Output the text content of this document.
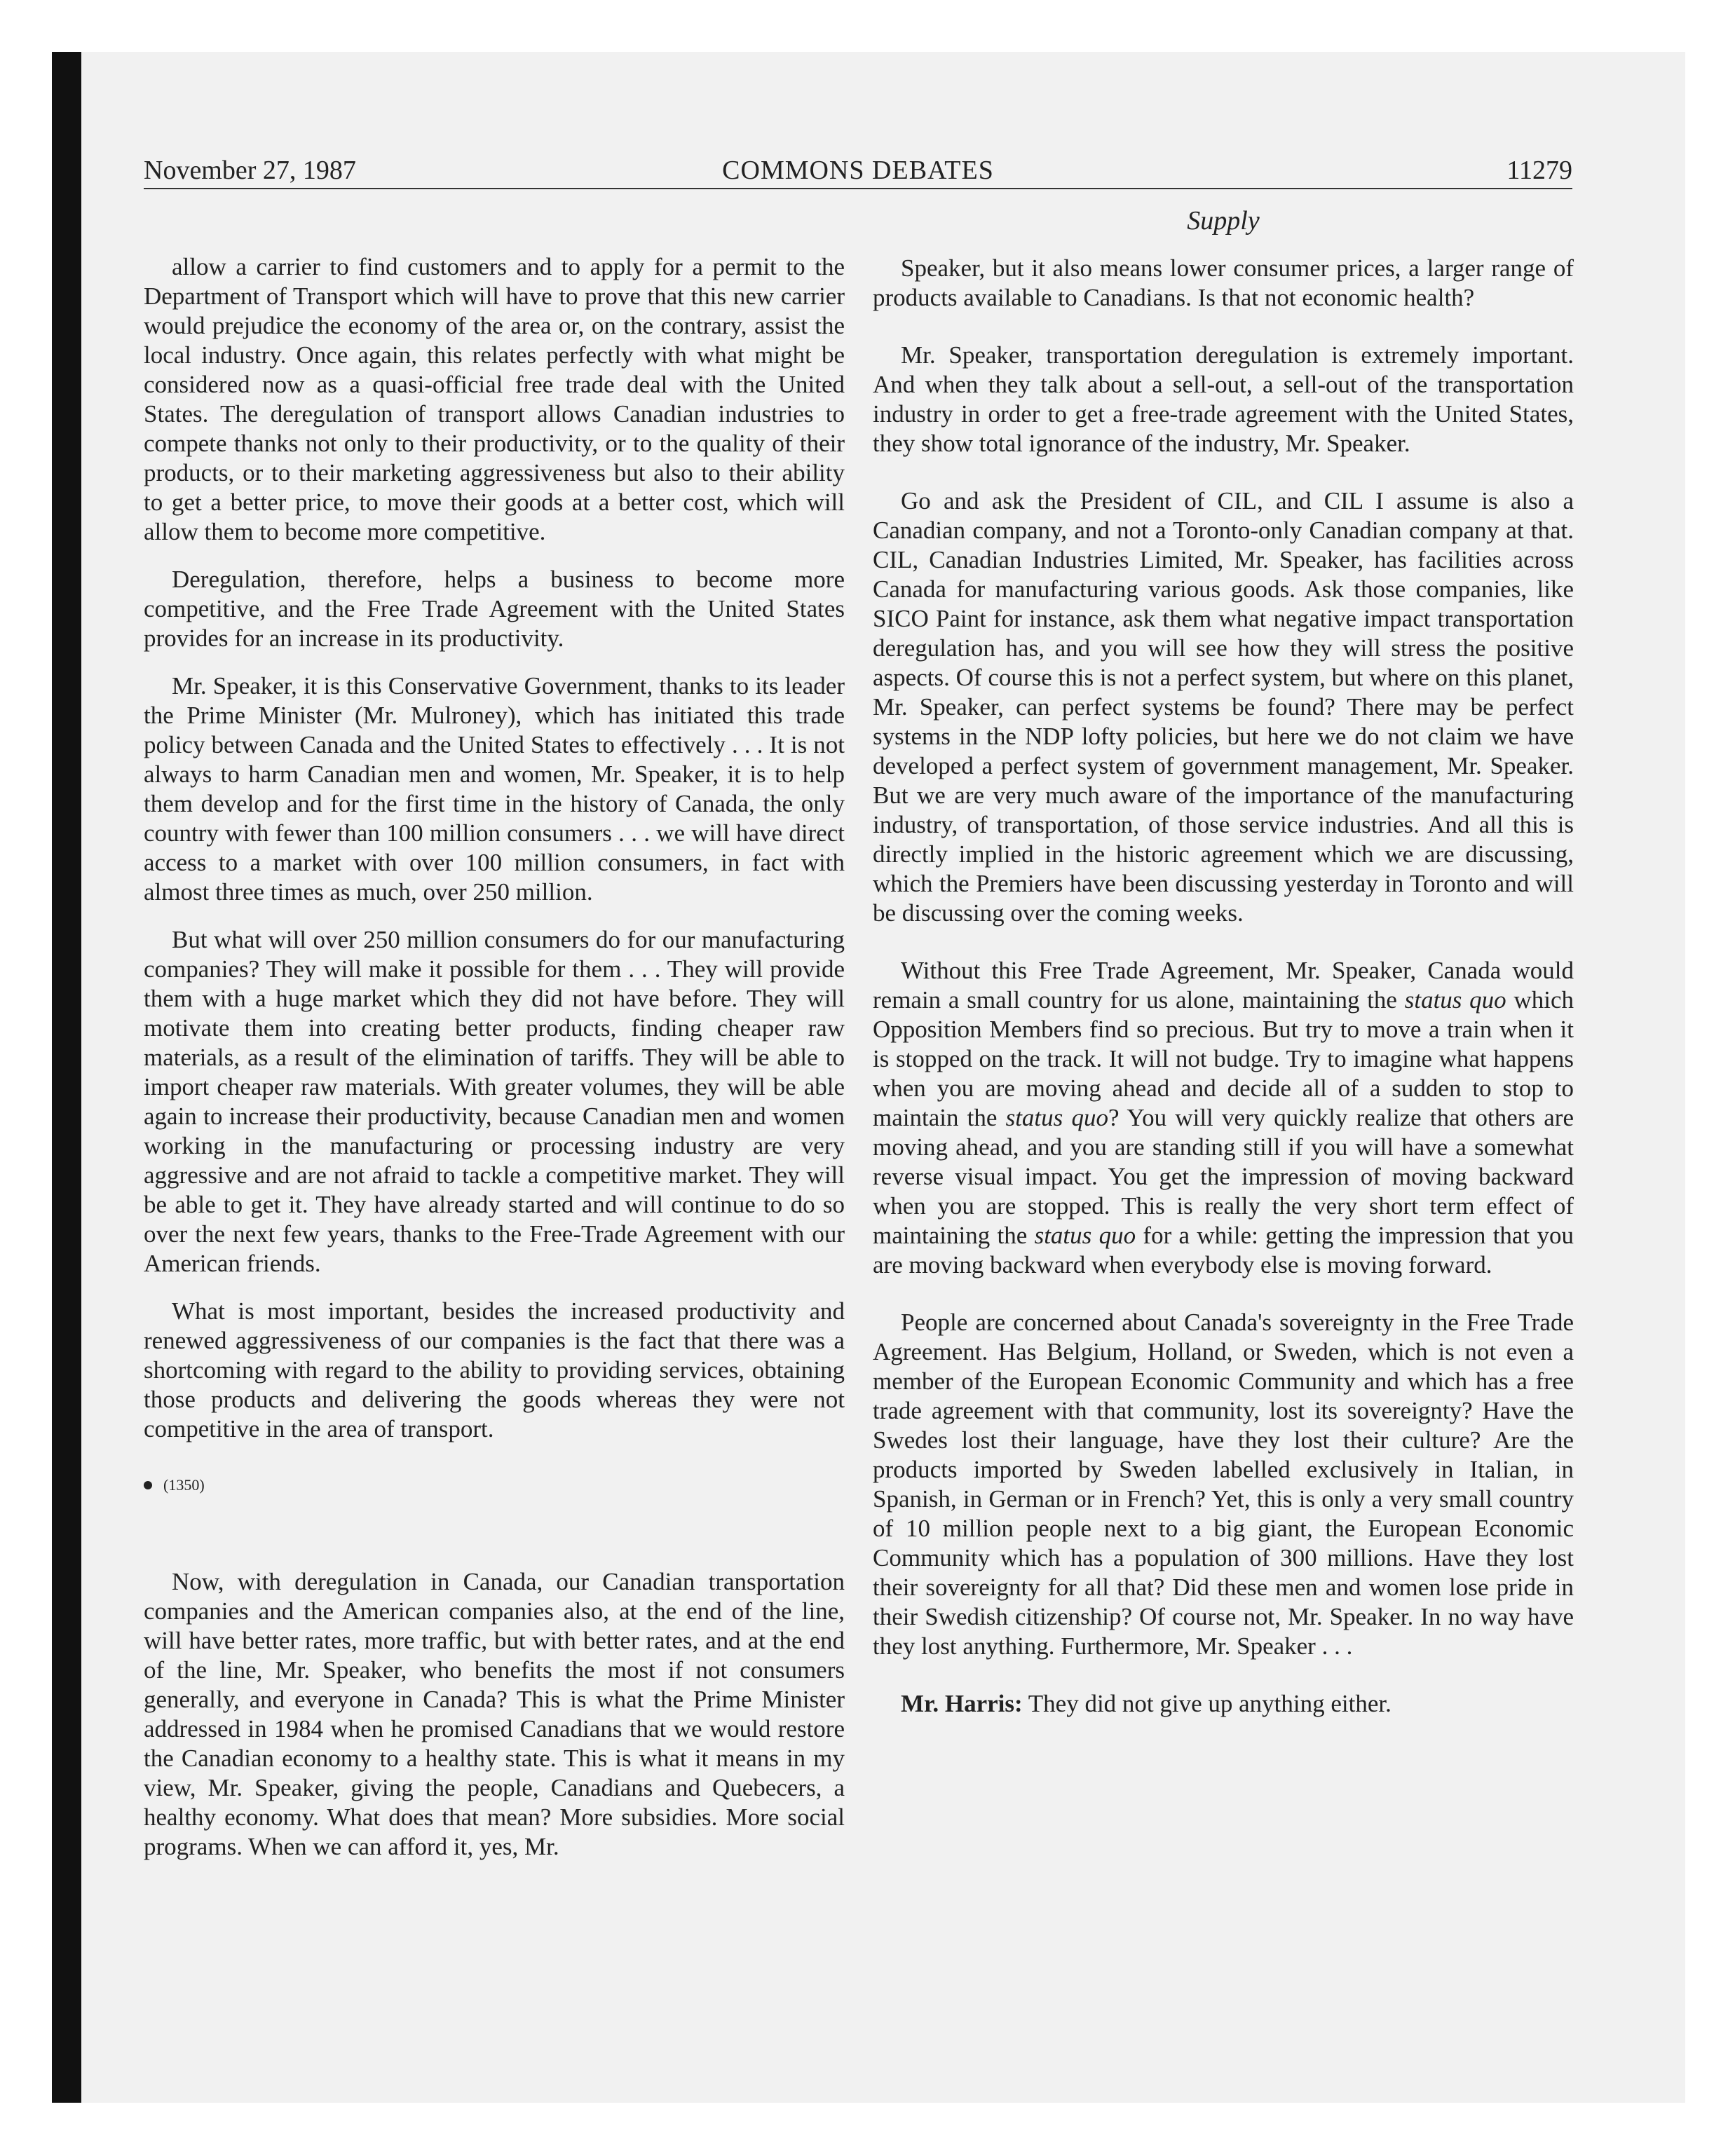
November 27, 1987	COMMONS DEBATES	11279
Supply

allow a carrier to find customers and to apply for a permit to the Department of Transport which will have to prove that this new carrier would prejudice the economy of the area or, on the contrary, assist the local industry. Once again, this relates perfectly with what might be considered now as a quasi-official free trade deal with the United States. The deregulation of transport allows Canadian industries to compete thanks not only to their productivity, or to the quality of their products, or to their marketing aggressiveness but also to their ability to get a better price, to move their goods at a better cost, which will allow them to become more competitive.

Deregulation, therefore, helps a business to become more competitive, and the Free Trade Agreement with the United States provides for an increase in its productivity.

Mr. Speaker, it is this Conservative Government, thanks to its leader the Prime Minister (Mr. Mulroney), which has initiated this trade policy between Canada and the United States to effectively . . . It is not always to harm Canadian men and women, Mr. Speaker, it is to help them develop and for the first time in the history of Canada, the only country with fewer than 100 million consumers . . . we will have direct access to a market with over 100 million consumers, in fact with almost three times as much, over 250 million.

But what will over 250 million consumers do for our manufacturing companies? They will make it possible for them . . . They will provide them with a huge market which they did not have before. They will motivate them into creating better products, finding cheaper raw materials, as a result of the elimination of tariffs. They will be able to import cheaper raw materials. With greater volumes, they will be able again to increase their productivity, because Canadian men and women working in the manufacturing or processing industry are very aggressive and are not afraid to tackle a competitive market. They will be able to get it. They have already started and will continue to do so over the next few years, thanks to the Free-Trade Agreement with our American friends.

What is most important, besides the increased productivity and renewed aggressiveness of our companies is the fact that there was a shortcoming with regard to the ability to providing services, obtaining those products and delivering the goods whereas they were not competitive in the area of transport.

(1350)

Now, with deregulation in Canada, our Canadian transportation companies and the American companies also, at the end of the line, will have better rates, more traffic, but with better rates, and at the end of the line, Mr. Speaker, who benefits the most if not consumers generally, and everyone in Canada? This is what the Prime Minister addressed in 1984 when he promised Canadians that we would restore the Canadian economy to a healthy state. This is what it means in my view, Mr. Speaker, giving the people, Canadians and Quebecers, a healthy economy. What does that mean? More subsidies. More social programs. When we can afford it, yes, Mr.

Speaker, but it also means lower consumer prices, a larger range of products available to Canadians. Is that not economic health?

Mr. Speaker, transportation deregulation is extremely important. And when they talk about a sell-out, a sell-out of the transportation industry in order to get a free-trade agreement with the United States, they show total ignorance of the industry, Mr. Speaker.

Go and ask the President of CIL, and CIL I assume is also a Canadian company, and not a Toronto-only Canadian company at that. CIL, Canadian Industries Limited, Mr. Speaker, has facilities across Canada for manufacturing various goods. Ask those companies, like SICO Paint for instance, ask them what negative impact transportation deregulation has, and you will see how they will stress the positive aspects. Of course this is not a perfect system, but where on this planet, Mr. Speaker, can perfect systems be found? There may be perfect systems in the NDP lofty policies, but here we do not claim we have developed a perfect system of government management, Mr. Speaker. But we are very much aware of the importance of the manufacturing industry, of transportation, of those service industries. And all this is directly implied in the historic agreement which we are discussing, which the Premiers have been discussing yesterday in Toronto and will be discussing over the coming weeks.

Without this Free Trade Agreement, Mr. Speaker, Canada would remain a small country for us alone, maintaining the status quo which Opposition Members find so precious. But try to move a train when it is stopped on the track. It will not budge. Try to imagine what happens when you are moving ahead and decide all of a sudden to stop to maintain the status quo? You will very quickly realize that others are moving ahead, and you are standing still if you will have a somewhat reverse visual impact. You get the impression of moving backward when you are stopped. This is really the very short term effect of maintaining the status quo for a while: getting the impression that you are moving backward when everybody else is moving forward.

People are concerned about Canada's sovereignty in the Free Trade Agreement. Has Belgium, Holland, or Sweden, which is not even a member of the European Economic Community and which has a free trade agreement with that community, lost its sovereignty? Have the Swedes lost their language, have they lost their culture? Are the products imported by Sweden labelled exclusively in Italian, in Spanish, in German or in French? Yet, this is only a very small country of 10 million people next to a big giant, the European Economic Community which has a population of 300 millions. Have they lost their sovereignty for all that? Did these men and women lose pride in their Swedish citizenship? Of course not, Mr. Speaker. In no way have they lost anything. Furthermore, Mr. Speaker . . .

Mr. Harris: They did not give up anything either.
